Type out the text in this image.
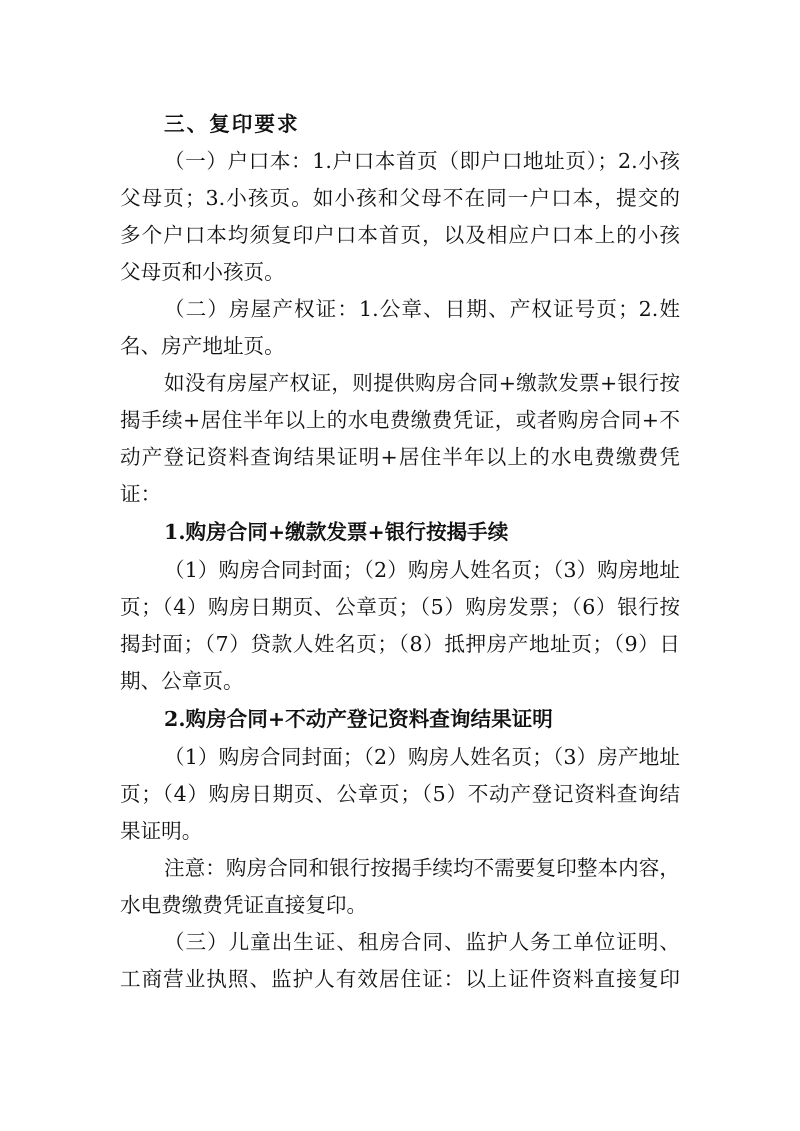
三、复印要求
（一）户口本：1.户口本首页（即户口地址页）；2.小孩
父母页；3.小孩页。如小孩和父母不在同一户口本，提交的
多个户口本均须复印户口本首页，以及相应户口本上的小孩
父母页和小孩页。
（二）房屋产权证：1.公章、日期、产权证号页；2.姓
名、房产地址页。
如没有房屋产权证，则提供购房合同+缴款发票+银行按
揭手续+居住半年以上的水电费缴费凭证，或者购房合同+不
动产登记资料查询结果证明+居住半年以上的水电费缴费凭
证：
1.购房合同+缴款发票+银行按揭手续
（1）购房合同封面；（2）购房人姓名页；（3）购房地址
页；（4）购房日期页、公章页；（5）购房发票；（6）银行按
揭封面；（7）贷款人姓名页；（8）抵押房产地址页；（9）日
期、公章页。
2.购房合同+不动产登记资料查询结果证明
（1）购房合同封面；（2）购房人姓名页；（3）房产地址
页；（4）购房日期页、公章页；（5）不动产登记资料查询结
果证明。
注意：购房合同和银行按揭手续均不需要复印整本内容，
水电费缴费凭证直接复印。
（三）儿童出生证、租房合同、监护人务工单位证明、
工商营业执照、监护人有效居住证：以上证件资料直接复印
